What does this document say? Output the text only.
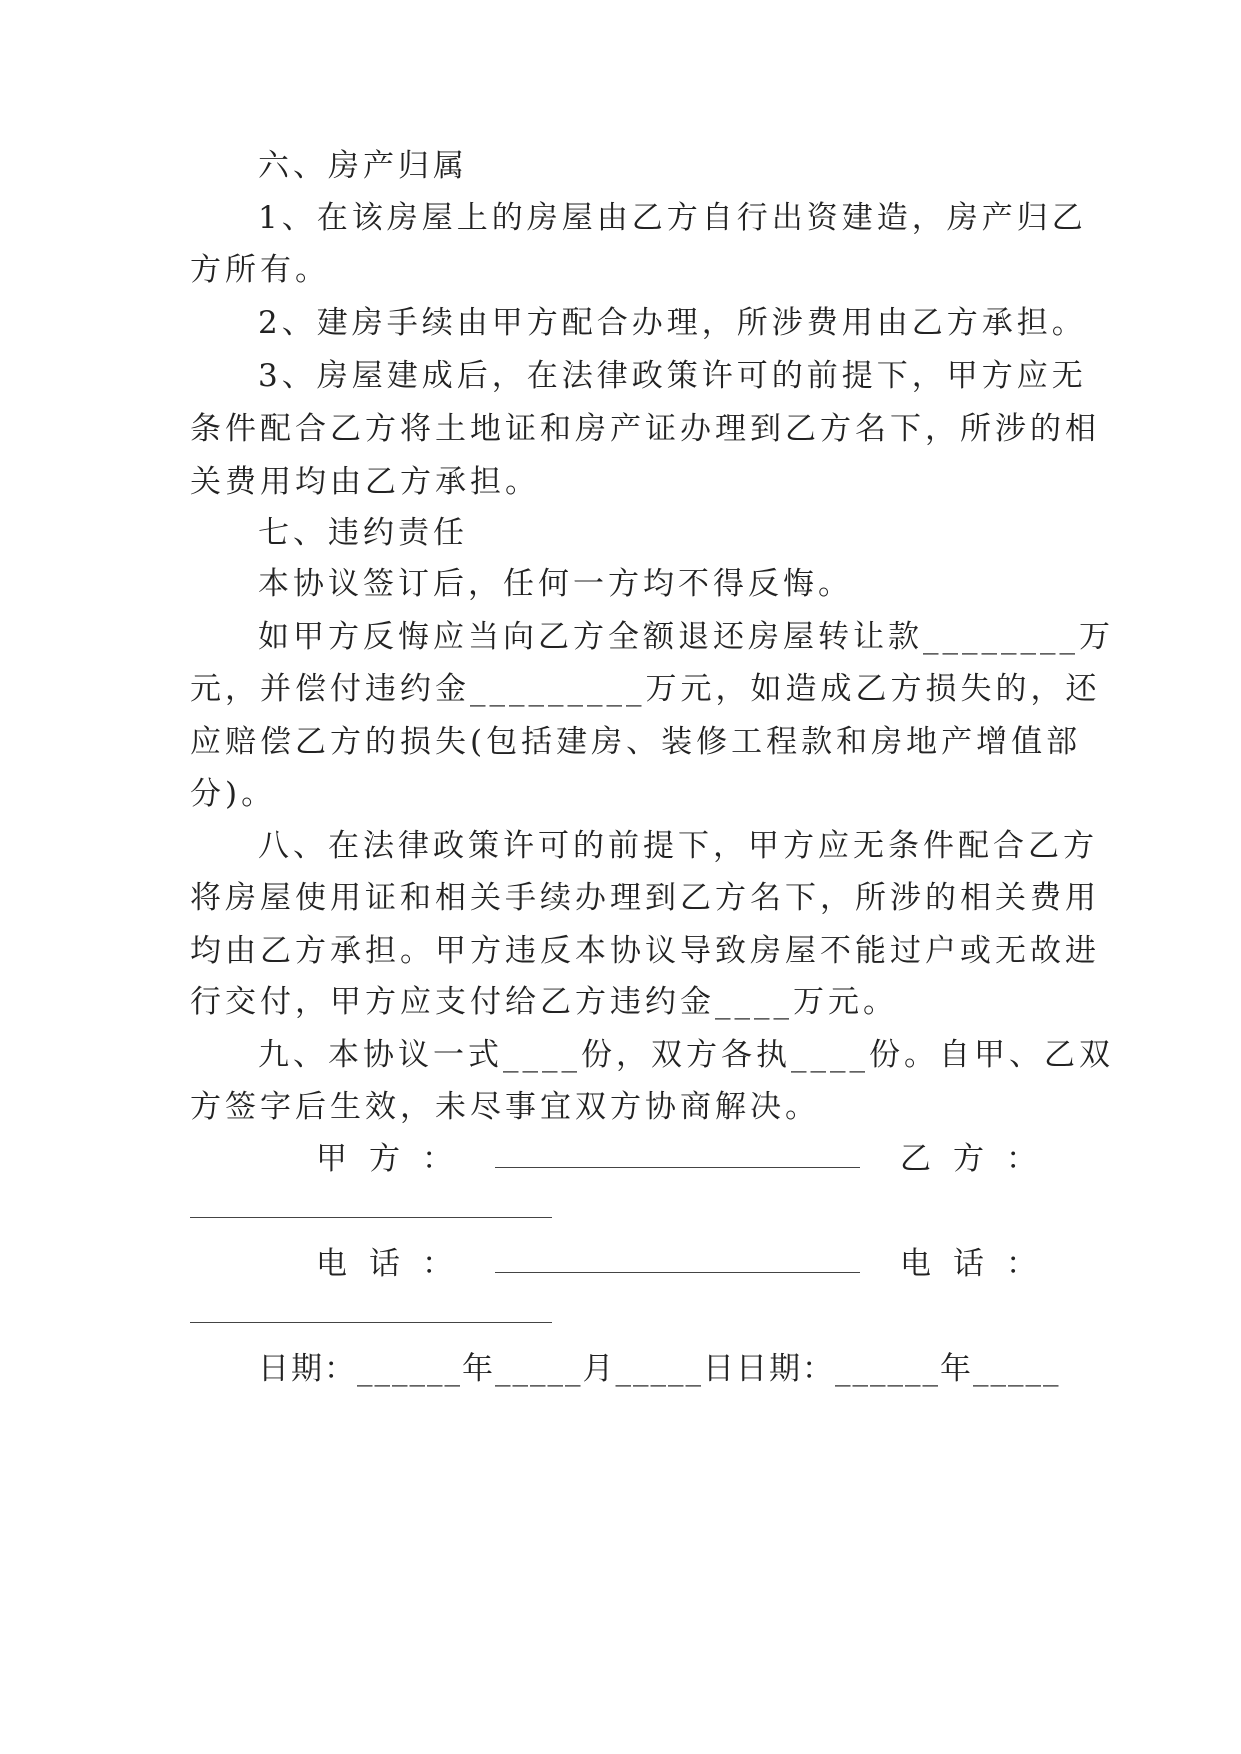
六、房产归属
1、在该房屋上的房屋由乙方自行出资建造，房产归乙
方所有。
2、建房手续由甲方配合办理，所涉费用由乙方承担。
3、房屋建成后，在法律政策许可的前提下，甲方应无
条件配合乙方将土地证和房产证办理到乙方名下，所涉的相
关费用均由乙方承担。
七、违约责任
本协议签订后，任何一方均不得反悔。
如甲方反悔应当向乙方全额退还房屋转让款________万
元，并偿付违约金_________万元，如造成乙方损失的，还
应赔偿乙方的损失(包括建房、装修工程款和房地产增值部
分)。
八、在法律政策许可的前提下，甲方应无条件配合乙方
将房屋使用证和相关手续办理到乙方名下，所涉的相关费用
均由乙方承担。甲方违反本协议导致房屋不能过户或无故进
行交付，甲方应支付给乙方违约金____万元。
九、本协议一式____份，双方各执____份。自甲、乙双
方签字后生效，未尽事宜双方协商解决。
甲方：	乙方：
电话：	电话：
日期：______年_____月_____日日期：______年_____
